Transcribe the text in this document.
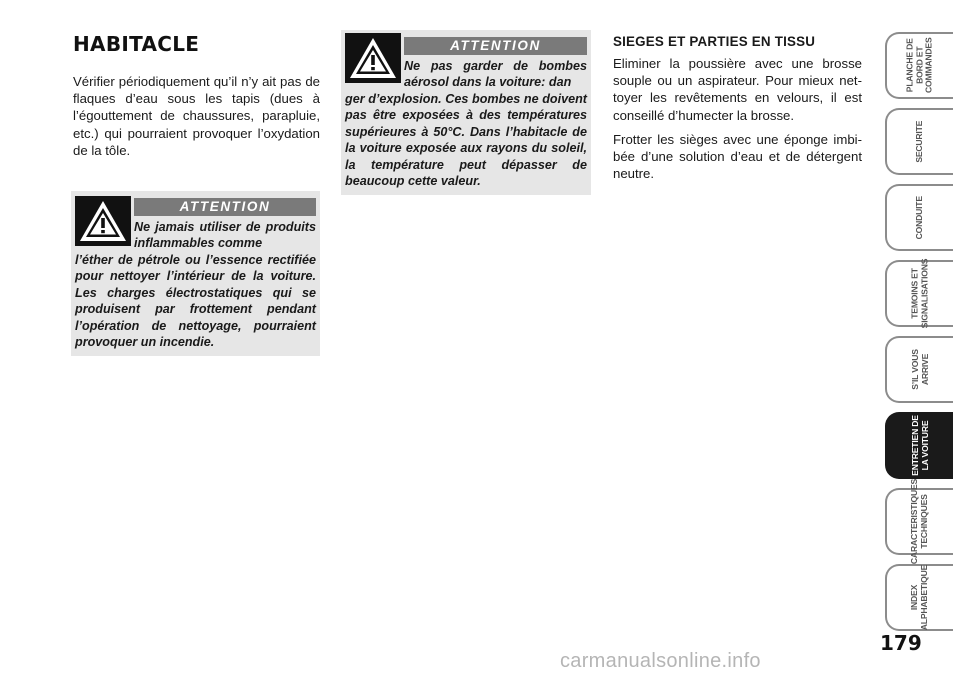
HABITACLE

Vérifier périodiquement qu’il n’y ait pas de flaques d’eau sous les tapis (dues à l’égouttement de chaussures, parapluie, etc.) qui pourraient provoquer l’oxydation de la tôle.

ATTENTION
Ne jamais utiliser de produits inflammables comme
l’éther de pétrole ou l’essence rectifiée pour nettoyer l’intérieur de la voiture. Les charges électrostatiques qui se produisent par frottement pendant l’opération de nettoyage, pourraient provoquer un incendie.
ATTENTION
Ne pas garder de bombes aérosol dans la voiture: dan
ger d’explosion. Ces bombes ne doivent pas être exposées à des températures supérieures à 50°C. Dans l’habitacle de la voiture exposée aux rayons du soleil, la température peut dépasser de beaucoup cette valeur.
SIEGES ET PARTIES EN TISSU

Eliminer la poussière avec une brosse souple ou un aspirateur. Pour mieux nettoyer les revêtements en velours, il est conseillé d’humecter la brosse.

Frotter les sièges avec une éponge imbibée d’une solution d’eau et de détergent neutre.

PLANCHE DE
BORD ET
COMMANDES
SECURITE
CONDUITE
TEMOINS ET
SIGNALISATIONS
S’IL VOUS
ARRIVE
ENTRETIEN DE
LA VOITURE
CARACTERISTIQUES
TECHNIQUES
INDEX
ALPHABETIQUE
179
carmanualsonline.info
